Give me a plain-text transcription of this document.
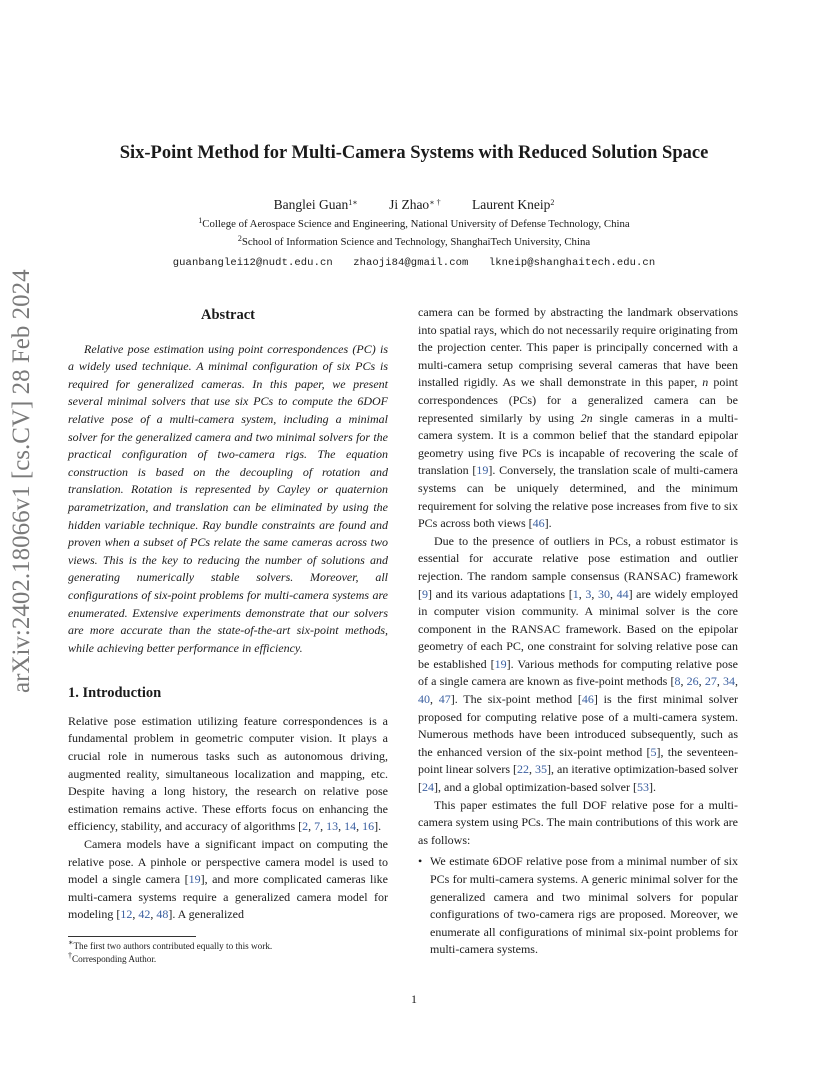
arXiv:2402.18066v1 [cs.CV] 28 Feb 2024
Six-Point Method for Multi-Camera Systems with Reduced Solution Space
Banglei Guan$^{1∗}$ Ji Zhao∗ † Laurent Kneip$^2$
$^1$College of Aerospace Science and Engineering, National University of Defense Technology, China
$^2$School of Information Science and Technology, ShanghaiTech University, China
guanbanglei12@nudt.edu.cn zhaoji84@gmail.com lkneip@shanghaitech.edu.cn
Abstract

Relative pose estimation using point correspondences (PC) is a widely used technique. A minimal configuration of six PCs is required for generalized cameras. In this paper, we present several minimal solvers that use six PCs to compute the 6DOF relative pose of a multi-camera system, including a minimal solver for the generalized camera and two minimal solvers for the practical configuration of two-camera rigs. The equation construction is based on the decoupling of rotation and translation. Rotation is represented by Cayley or quaternion parametrization, and translation can be eliminated by using the hidden variable technique. Ray bundle constraints are found and proven when a subset of PCs relate the same cameras across two views. This is the key to reducing the number of solutions and generating numerically stable solvers. Moreover, all configurations of six-point problems for multi-camera systems are enumerated. Extensive experiments demonstrate that our solvers are more accurate than the state-of-the-art six-point methods, while achieving better performance in efficiency.

1. Introduction

Relative pose estimation utilizing feature correspondences is a fundamental problem in geometric computer vision. It plays a crucial role in numerous tasks such as autonomous driving, augmented reality, simultaneous localization and mapping, etc. Despite having a long history, the research on relative pose estimation remains active. These efforts focus on enhancing the efficiency, stability, and accuracy of algorithms [2, 7, 13, 14, 16].

Camera models have a significant impact on computing the relative pose. A pinhole or perspective camera model is used to model a single camera [19], and more complicated cameras like multi-camera systems require a generalized camera model for modeling [12, 42, 48]. A generalized

camera can be formed by abstracting the landmark observations into spatial rays, which do not necessarily require originating from the projection center. This paper is principally concerned with a multi-camera setup comprising several cameras that have been installed rigidly. As we shall demonstrate in this paper, n point correspondences (PCs) for a generalized camera can be represented similarly by using 2n single cameras in a multi-camera system. It is a common belief that the standard epipolar geometry using five PCs is incapable of recovering the scale of translation [19]. Conversely, the translation scale of multi-camera systems can be uniquely determined, and the minimum requirement for solving the relative pose increases from five to six PCs across both views [46].

Due to the presence of outliers in PCs, a robust estimator is essential for accurate relative pose estimation and outlier rejection. The random sample consensus (RANSAC) framework [9] and its various adaptations [1, 3, 30, 44] are widely employed in computer vision community. A minimal solver is the core component in the RANSAC framework. Based on the epipolar geometry of each PC, one constraint for solving relative pose can be established [19]. Various methods for computing relative pose of a single camera are known as five-point methods [8, 26, 27, 34, 40, 47]. The six-point method [46] is the first minimal solver proposed for computing relative pose of a multi-camera system. Numerous methods have been introduced subsequently, such as the enhanced version of the six-point method [5], the seventeen-point linear solvers [22, 35], an iterative optimization-based solver [24], and a global optimization-based solver [53].

This paper estimates the full DOF relative pose for a multi-camera system using PCs. The main contributions of this work are as follows:

• We estimate 6DOF relative pose from a minimal number of six PCs for multi-camera systems. A generic minimal solver for the generalized camera and two minimal solvers for popular configurations of two-camera rigs are proposed. Moreover, we enumerate all configurations of minimal six-point problems for multi-camera systems.
∗The first two authors contributed equally to this work.
†Corresponding Author.
1
